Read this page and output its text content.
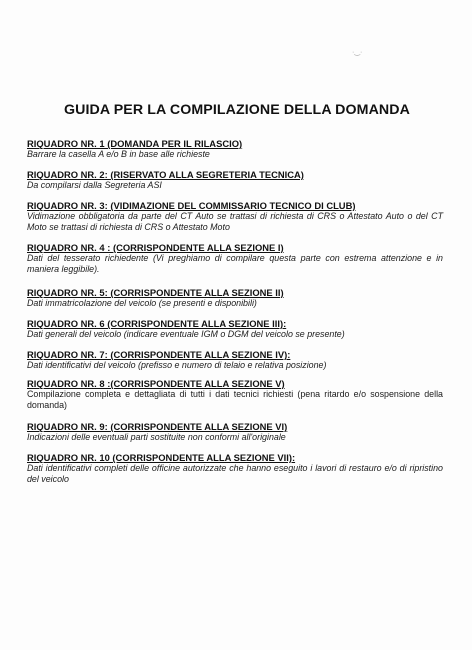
·‿·
GUIDA PER LA COMPILAZIONE DELLA DOMANDA
RIQUADRO NR. 1 (DOMANDA PER IL RILASCIO)
Barrare la casella A e/o B in base alle richieste
RIQUADRO NR. 2: (RISERVATO ALLA SEGRETERIA TECNICA)
Da compilarsi dalla Segreteria ASI
RIQUADRO NR. 3: (VIDIMAZIONE DEL COMMISSARIO TECNICO DI CLUB)
Vidimazione obbligatoria da parte del CT Auto se trattasi di richiesta di CRS o Attestato Auto o del CT Moto se trattasi di richiesta di CRS o Attestato Moto
RIQUADRO NR. 4 : (CORRISPONDENTE ALLA SEZIONE I)
Dati del tesserato richiedente (Vi preghiamo di compilare questa parte con estrema attenzione e in maniera leggibile).
RIQUADRO NR. 5: (CORRISPONDENTE ALLA SEZIONE II)
Dati immatricolazione del veicolo (se presenti e disponibili)
RIQUADRO NR. 6 (CORRISPONDENTE ALLA SEZIONE III):
Dati generali del veicolo (indicare eventuale IGM o DGM del veicolo se presente)
RIQUADRO NR. 7: (CORRISPONDENTE ALLA SEZIONE IV):
Dati identificativi del veicolo (prefisso e numero di telaio e relativa posizione)
RIQUADRO NR. 8 :(CORRISPONDENTE ALLA SEZIONE V)
Compilazione completa e dettagliata di tutti i dati tecnici richiesti (pena ritardo e/o sospensione della domanda)
RIQUADRO NR. 9: (CORRISPONDENTE ALLA SEZIONE VI)
Indicazioni delle eventuali parti sostituite non conformi all'originale
RIQUADRO NR. 10 (CORRISPONDENTE ALLA SEZIONE VII):
Dati identificativi completi delle officine autorizzate che hanno eseguito i lavori di restauro e/o di ripristino del veicolo
